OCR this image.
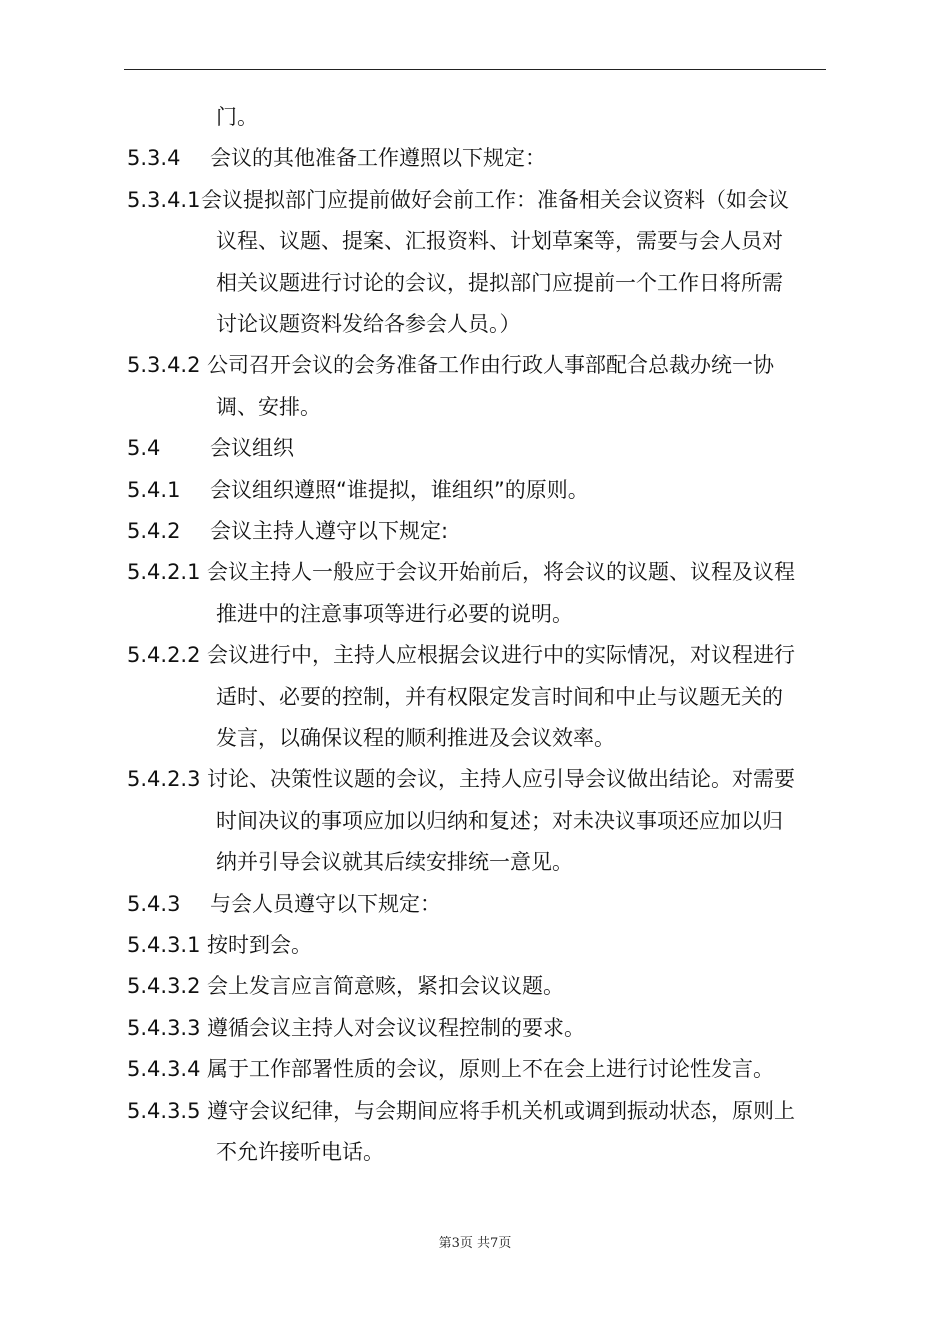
门。
5.3.4 会议的其他准备工作遵照以下规定：
5.3.4.1 会议提拟部门应提前做好会前工作：准备相关会议资料（如会议
议程、议题、提案、汇报资料、计划草案等，需要与会人员对
相关议题进行讨论的会议，提拟部门应提前一个工作日将所需
讨论议题资料发给各参会人员。）
5.3.4.2 公司召开会议的会务准备工作由行政人事部配合总裁办统一协
调、安排。
5.4 会议组织
5.4.1 会议组织遵照“谁提拟，谁组织”的原则。
5.4.2 会议主持人遵守以下规定:
5.4.2.1 会议主持人一般应于会议开始前后，将会议的议题、议程及议程
推进中的注意事项等进行必要的说明。
5.4.2.2 会议进行中，主持人应根据会议进行中的实际情况，对议程进行
适时、必要的控制，并有权限定发言时间和中止与议题无关的
发言，以确保议程的顺利推进及会议效率。
5.4.2.3 讨论、决策性议题的会议，主持人应引导会议做出结论。对需要
时间决议的事项应加以归纳和复述；对未决议事项还应加以归
纳并引导会议就其后续安排统一意见。
5.4.3 与会人员遵守以下规定：
5.4.3.1 按时到会。
5.4.3.2 会上发言应言简意赅，紧扣会议议题。
5.4.3.3 遵循会议主持人对会议议程控制的要求。
5.4.3.4 属于工作部署性质的会议，原则上不在会上进行讨论性发言。
5.4.3.5 遵守会议纪律，与会期间应将手机关机或调到振动状态，原则上
不允许接听电话。
第3页 共7页
